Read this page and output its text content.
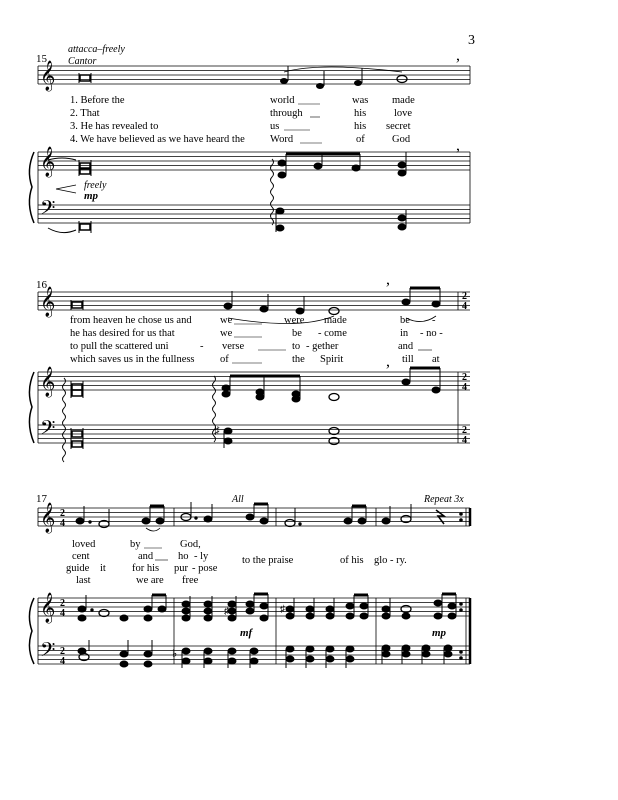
3
15
attacca–freely
Cantor
𝄞
,
1. Before the	world	was made
2. That	through	his	love
3. He has revealed to	us	his secret
4. We have believed as we have heard the Word	of	God
𝄞
𝄢
,
freely
mp
16
𝄞
,
2
4
from heaven he chose us and	we	were made	be -
he has desired for us that	we	be - come	in - no -
to pull the scattered uni	- verse	to - gether	and
which saves us in the fullness of	the Spirit	till at
𝄞
𝄢	♯
,
2
4
2
4
17	All	Repeat 3x
𝄞 2
4
loved	by	God,
cent	and ho - ly
guide it for his pur - pose
last	we are free
to the praise	of his glo - ry.
𝄞
𝄢
2
4
2
4
♯	♯
♭
mf	mp
